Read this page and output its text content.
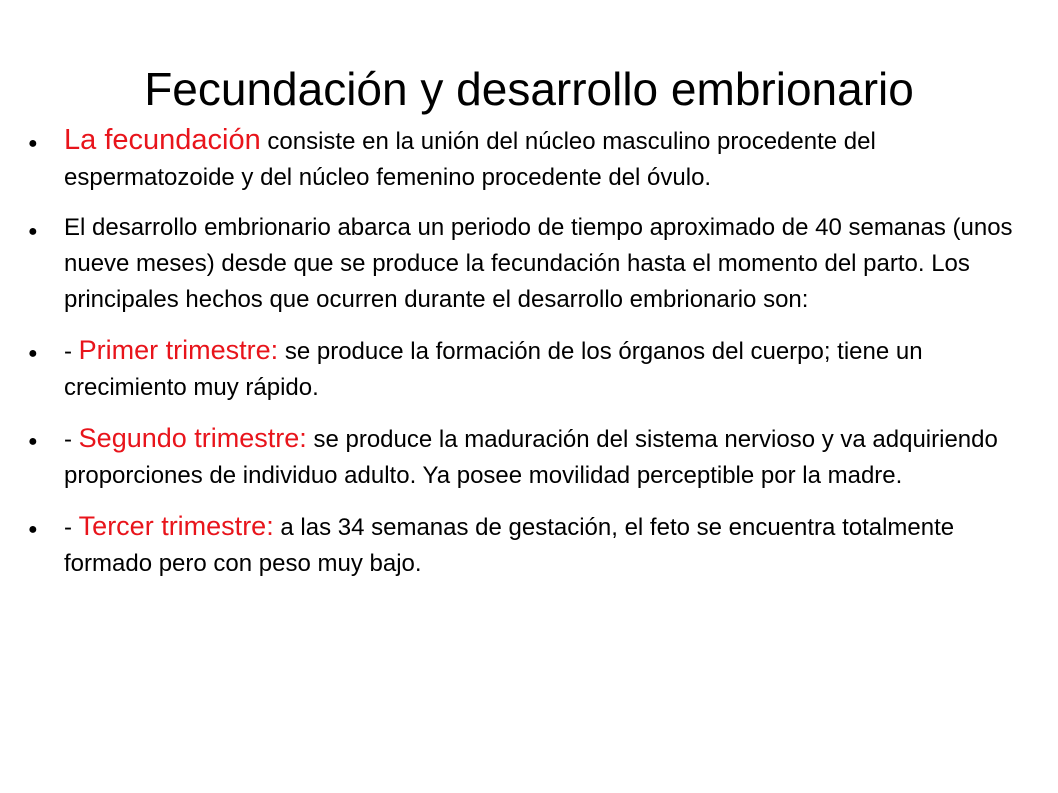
Fecundación y desarrollo embrionario
● La fecundación consiste en la unión del núcleo masculino procedente del espermatozoide y del núcleo femenino procedente del óvulo.
●	El desarrollo embrionario abarca un periodo de tiempo aproximado de 40 semanas (unos nueve meses) desde que se produce la fecundación hasta el momento del parto. Los principales hechos que ocurren durante el desarrollo embrionario son:
●	- Primer trimestre: se produce la formación de los órganos del cuerpo; tiene un crecimiento muy rápido.
●	- Segundo trimestre: se produce la maduración del sistema nervioso y va adquiriendo proporciones de individuo adulto. Ya posee movilidad perceptible por la madre.
●	- Tercer trimestre: a las 34 semanas de gestación, el feto se encuentra totalmente formado pero con peso muy bajo.
